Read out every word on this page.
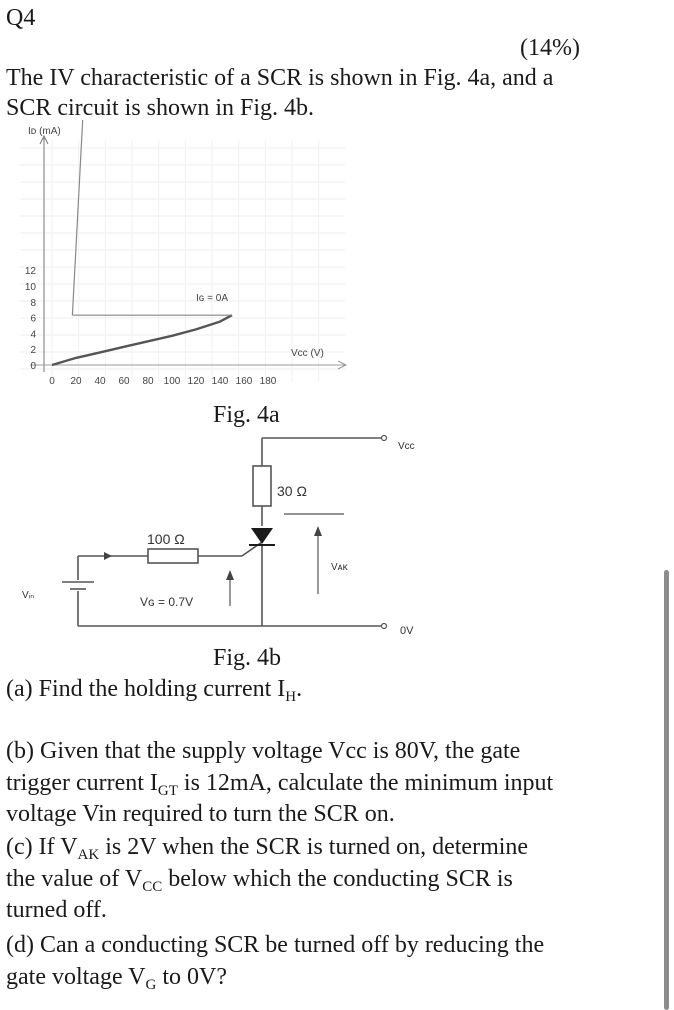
Q4
(14%)
The IV characteristic of a SCR is shown in Fig. 4a, and a
SCR circuit is shown in Fig. 4b.
Iᴅ (mA)
Vcc (V)
Iɢ = 0A
0 20 40 60 80 100 120 140 160 180
0
2
4
6
8
10
12
Fig. 4a
Vcc
30 Ω
100 Ω
Vᴀᴋ
Vᵢₙ	Vɢ = 0.7V
0V
Fig. 4b
(a) Find the holding current $I_H$.
(b) Given that the supply voltage Vcc is 80V, the gate
trigger current $I_{GT}$ is 12mA, calculate the minimum input
voltage Vin required to turn the SCR on.
(c) If $V_{AK}$ is 2V when the SCR is turned on, determine
the value of $V_{CC}$ below which the conducting SCR is
turned off.
(d) Can a conducting SCR be turned off by reducing the
gate voltage $V_G$ to 0V?
